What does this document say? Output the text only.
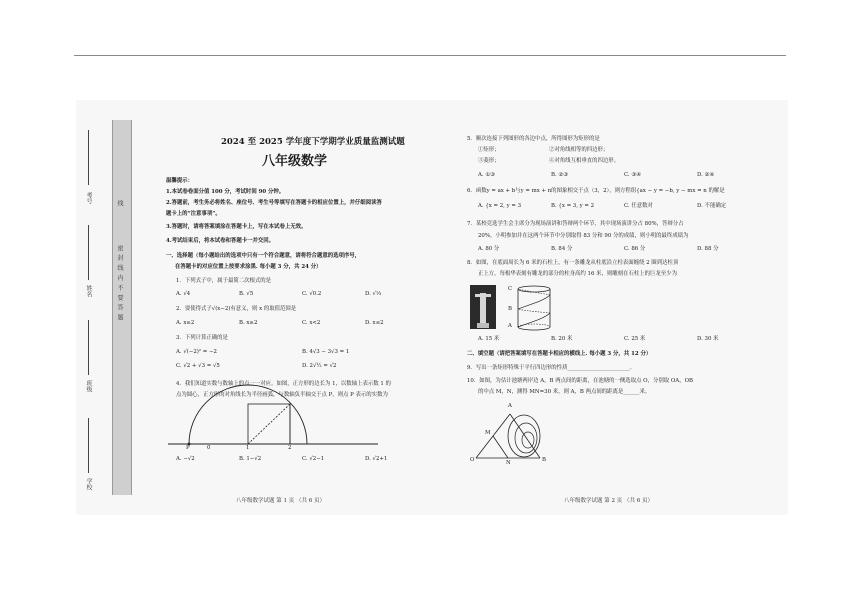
密 封 线 内 不 要 答 题
线
考号
姓名
班级
学校
2024 至 2025 学年度下学期学业质量监测试题
八年级数学
温馨提示：
1.本试卷卷面分值 100 分，考试时间 90 分钟。
2.答题前，考生务必将姓名、座位号、考生号等填写在答题卡的相应位置上，并仔细阅读答
题卡上的“注意事项”。
3.答题时，请将答案填涂在答题卡上，写在本试卷上无效。
4.考试结束后，将本试卷和答题卡一并交回。
一、选择题（每小题给出的选项中只有一个符合题意，请将符合题意的选项序号，
在答题卡的对应位置上按要求涂黑. 每小题 3 分，共 24 分）
1．下列式子中，属于最简二次根式的是
A. √4	B. √5	C. √0.2	D. √⅓
2．要使得式子√(x−2)有意义，则 x 的取值范围是
A. x≥2	B. x≥2	C. x<2	D. x≤2
3．下列计算正确的是
A. √(−2)² = −2	B. 4√3 − 3√3 = 1
C. √2 + √3 = √5	D. 2√½ = √2
4．我们知道实数与数轴上的点一一对应。如图，正方形的边长为 1，以数轴上表示数 1 的
点为圆心，正方形的对角线长为半径画弧，与数轴负半轴交于点 P，则点 P 表示的实数为
P	0	1	2
A. −√2	B. 1−√2	C. √2−1	D. √2+1
八年级数学试题 第 1 页 （共 6 页）
5．顺次连接下列图形的各边中点，所得图形为矩形的是
①矩形；	②对角线相等的四边形；
③菱形；	④对角线互相垂直的四边形。
A. ①③	B. ②③	C. ③④	D. ②④
6．函数y = ax + b与y = mx + n的图象相交于点（3，2），则方程组{ax − y = −b, y − mx = n 的解是
A. {x = 2, y = 3	B. {x = 3, y = 2	C. 任意数对	D. 不能确定
7．某校竞选学生会主席分为现场演讲和答辩两个环节，其中现场演讲分占 80%，答辩分占
20%。小明参加并在这两个环节中分别取得 83 分和 90 分的成绩，则小明的最终成绩为
A. 80 分	B. 84 分	C. 86 分	D. 88 分
8．如图，在底面周长为 6 米的石柱上，有一条雕龙从柱底沿立柱表面缠绕 2 圈到达柱顶
正上方，每根华表刻有雕龙的部分的柱身高约 16 米，则雕刻在石柱上的巨龙至少为
C
B
A
A. 15 米	B. 20 米	C. 25 米	D. 30 米
二、填空题（请把答案填写在答题卡相应的横线上. 每小题 3 分，共 12 分）
9．写出一条矩形特殊于平行四边形的性质_______________________。
10．如图，为估计池塘两岸边 A，B 两点间的距离，在池塘的一侧选取点 O，分别取 OA，OB
的中点 M，N，测得 MN=30 米，则 A，B 两点间的距离是______米。
A
M
O	N	B
八年级数学试题 第 2 页 （共 6 页）
